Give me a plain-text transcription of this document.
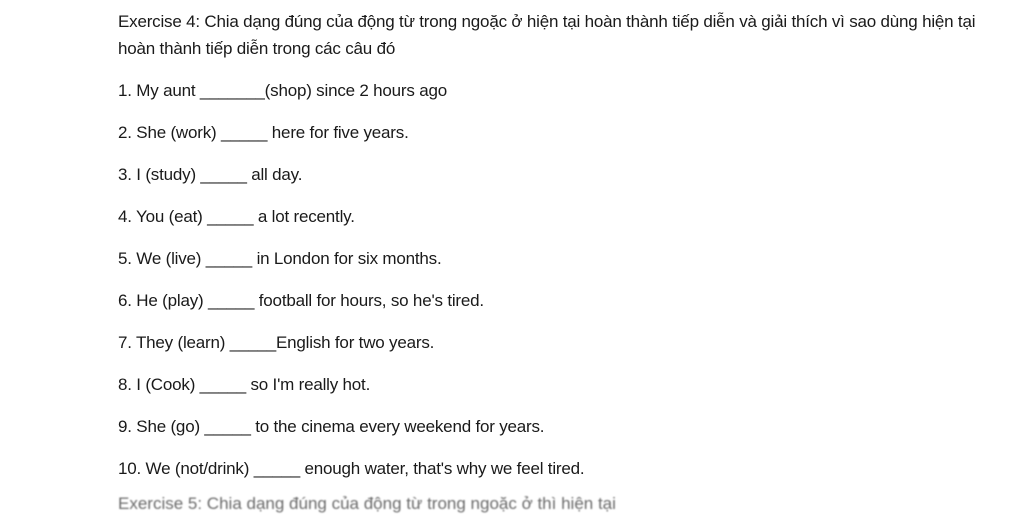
Exercise 4: Chia dạng đúng của động từ trong ngoặc ở hiện tại hoàn thành tiếp diễn và giải thích vì sao dùng hiện tại hoàn thành tiếp diễn trong các câu đó
1. My aunt _______(shop) since 2 hours ago
2. She (work) _____ here for five years.
3. I (study) _____ all day.
4. You (eat) _____ a lot recently.
5. We (live) _____ in London for six months.
6. He (play) _____ football for hours, so he's tired.
7. They (learn) _____English for two years.
8. I (Cook) _____ so I'm really hot.
9. She (go) _____ to the cinema every weekend for years.
10. We (not/drink) _____ enough water, that's why we feel tired.
Exercise 5: Chia dạng đúng của động từ trong ngoặc ở thì hiện tại
